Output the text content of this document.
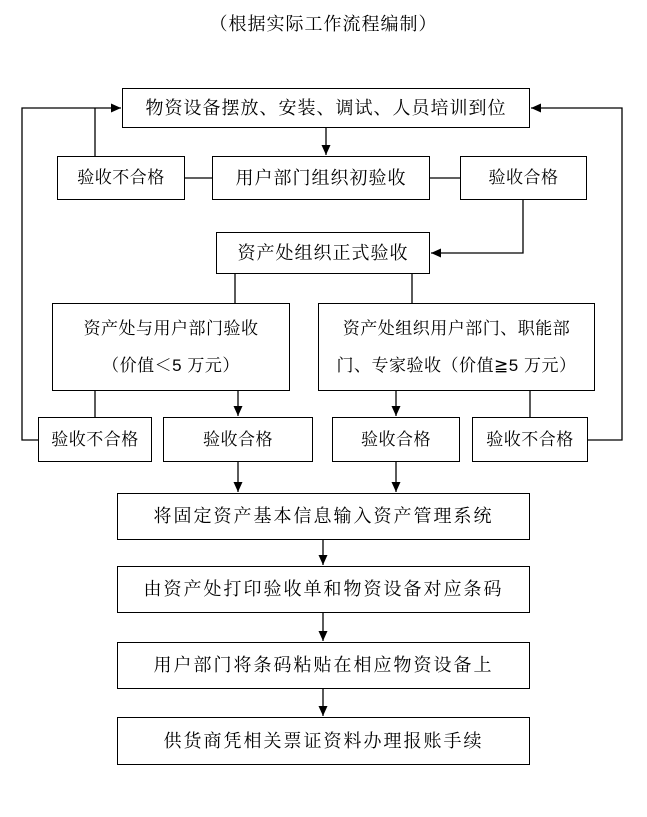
（根据实际工作流程编制）
物资设备摆放、安装、调试、人员培训到位
验收不合格	用户部门组织初验收	验收合格
资产处组织正式验收
资产处与用户部门验收
（价值＜5 万元）
资产处组织用户部门、职能部
门、专家验收（价值≧5 万元）
验收不合格	验收合格	验收合格	验收不合格
将固定资产基本信息输入资产管理系统
由资产处打印验收单和物资设备对应条码
用户部门将条码粘贴在相应物资设备上
供货商凭相关票证资料办理报账手续
